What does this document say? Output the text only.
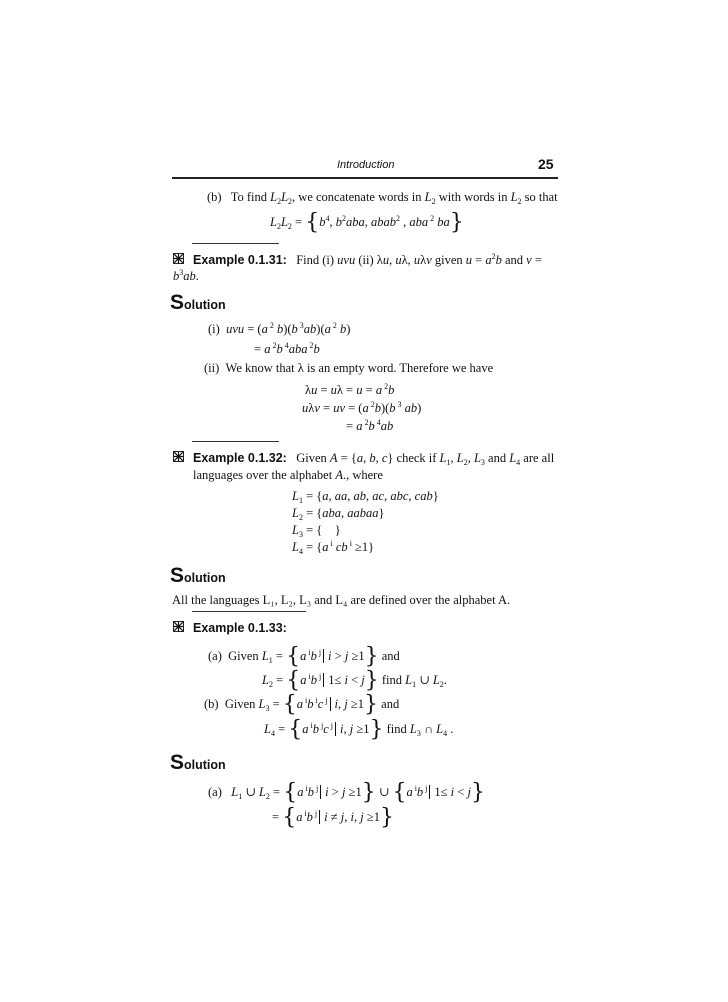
Introduction	25
(b) To find $L_2L_2$, we concatenate words in $L_2$ with words in $L_2$ so that
$L_2L_2 = \{b^4$, $b^2aba$, abab$^2$ , aba $^2$ ba}
Example 0.1.31: Find (i) uvu (ii) λu, uλ, uλv given $u = a^2b$ and v =
$b^3ab$.
Solution
(i) uvu = (a $^2$ b)(b $^3$ab)(a $^2$ b)
= a $^2$b $^4$aba $^2$b
(ii) We know that λ is an empty word. Therefore we have
λu = uλ = u = a $^2$b
uλv = uv = (a $^2$b)(b $^3$ ab)
= a $^2$b $^4$ab
Example 0.1.32: Given A = {a, b, c} check if $L_1$, $L_2$, $L_3$ and $L_4$ are all
languages over the alphabet A., where
$L_1 = \{a$, aa, ab, ac, abc, cab}
$L_2 = \{aba$, aabaa}
$L_3$ = {    }
$L_4 = \{a$ $^i$ cb $^i$ ≥1}
Solution
All the languages L₁, L₂, L₃ and L₄ are defined over the alphabet A.
Example 0.1.33:
(a) Given $L_1 = \{a$ $^i$b $^j$ i > j ≥1} and
$L_2 = \{a$ $^i$b $^j$ 1≤ i < j} find $L_1$ ∪ $L_2$.
(b) Given $L_3 = \{a$ $^i$b $^i$c $^j$ i, j ≥1} and
$L_4 = \{a$ $^i$b $^j$c $^j$ i, j ≥1} find $L_3$ ∩ $L_4$ .
Solution
(a) $L_1$ ∪ $L_2 = \{a$ $^i$b $^j$ i > j ≥1} ∪ {a $^i$b $^j$ 1≤ i < j}
= {a $^i$b $^j$ i ≠ j, i, j ≥1}
